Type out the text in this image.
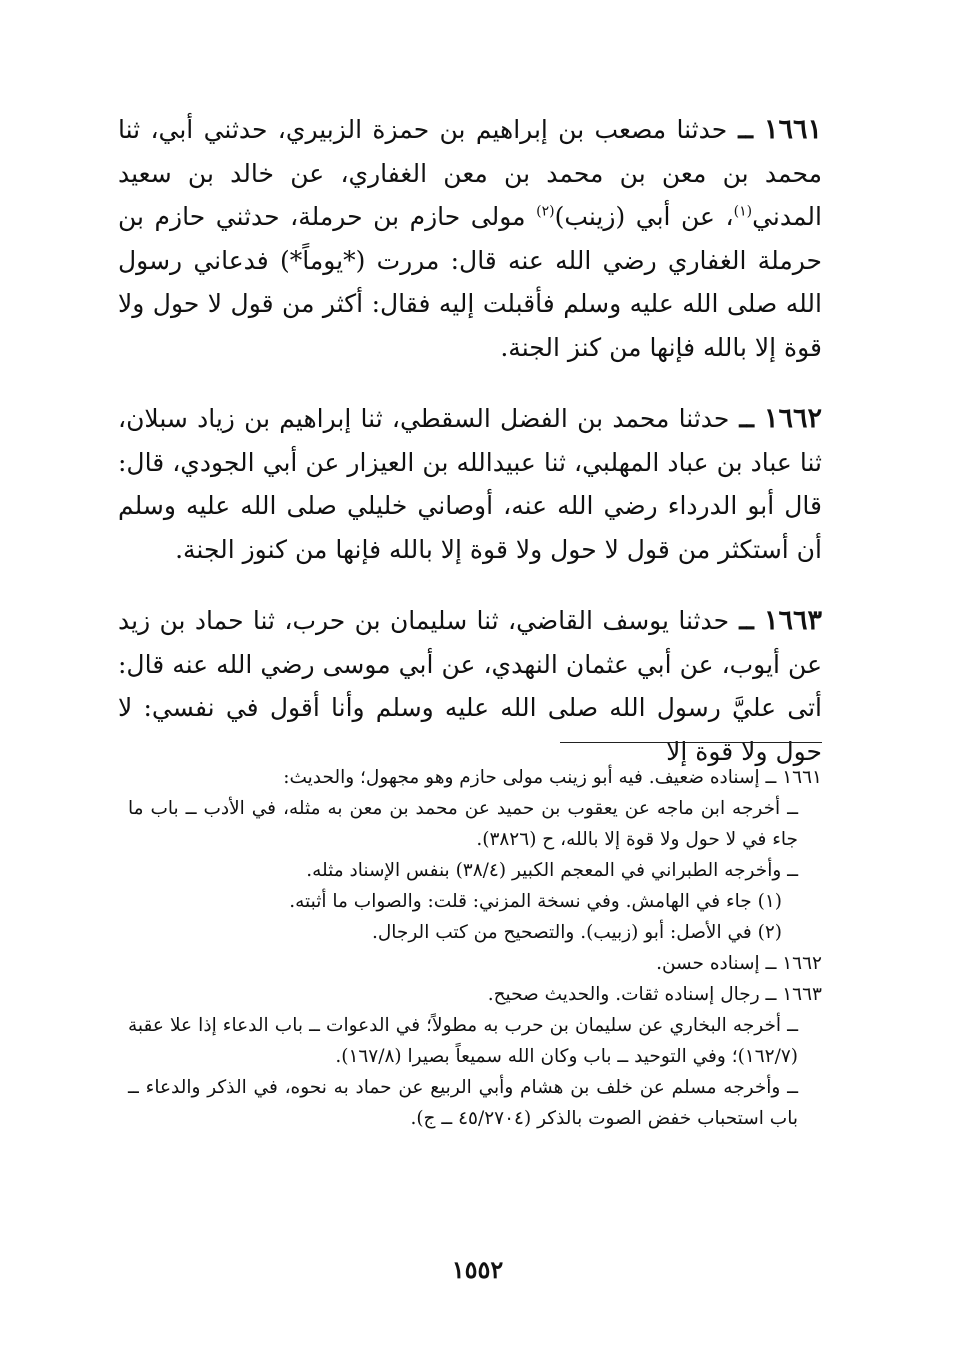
١٦٦١ ــ حدثنا مصعب بن إبراهيم بن حمزة الزبيري، حدثني أبي، ثنا محمد بن معن بن محمد بن معن الغفاري، عن خالد بن سعيد المدني$^{(١)}$، عن أبي (زينب)$^{(٢)}$ مولى حازم بن حرملة، حدثني حازم بن حرملة الغفاري رضي الله عنه قال: مررت (*يوماً*) فدعاني رسول الله صلى الله عليه وسلم فأقبلت إليه فقال: أكثر من قول لا حول ولا قوة إلا بالله فإنها من كنز الجنة.

١٦٦٢ ــ حدثنا محمد بن الفضل السقطي، ثنا إبراهيم بن زياد سبلان، ثنا عباد بن عباد المهلبي، ثنا عبيدالله بن العيزار عن أبي الجودي، قال: قال أبو الدرداء رضي الله عنه، أوصاني خليلي صلى الله عليه وسلم أن أستكثر من قول لا حول ولا قوة إلا بالله فإنها من كنوز الجنة.

١٦٦٣ ــ حدثنا يوسف القاضي، ثنا سليمان بن حرب، ثنا حماد بن زيد عن أيوب، عن أبي عثمان النهدي، عن أبي موسى رضي الله عنه قال: أتى عليَّ رسول الله صلى الله عليه وسلم وأنا أقول في نفسي: لا حول ولا قوة إلا

١٦٦١ ــ إسناده ضعيف. فيه أبو زينب مولى حازم وهو مجهول؛ والحديث:

ــ أخرجه ابن ماجه عن يعقوب بن حميد عن محمد بن معن به مثله، في الأدب ــ باب ما جاء في لا حول ولا قوة إلا بالله، ح (٣٨٢٦).

ــ وأخرجه الطبراني في المعجم الكبير (٣٨/٤) بنفس الإسناد مثله.

(١) جاء في الهامش. وفي نسخة المزني: قلت: والصواب ما أثبته.

(٢) في الأصل: أبو (زبيب). والتصحيح من كتب الرجال.

١٦٦٢ ــ إسناده حسن.

١٦٦٣ ــ رجال إسناده ثقات. والحديث صحيح.

ــ أخرجه البخاري عن سليمان بن حرب به مطولاً؛ في الدعوات ــ باب الدعاء إذا علا عقبة (١٦٢/٧)؛ وفي التوحيد ــ باب وكان الله سميعاً بصيرا (١٦٧/٨).

ــ وأخرجه مسلم عن خلف بن هشام وأبي الربيع عن حماد به نحوه، في الذكر والدعاء ــ باب استحباب خفض الصوت بالذكر (٤٥/٢٧٠٤ ــ ج).

١٥٥٢
